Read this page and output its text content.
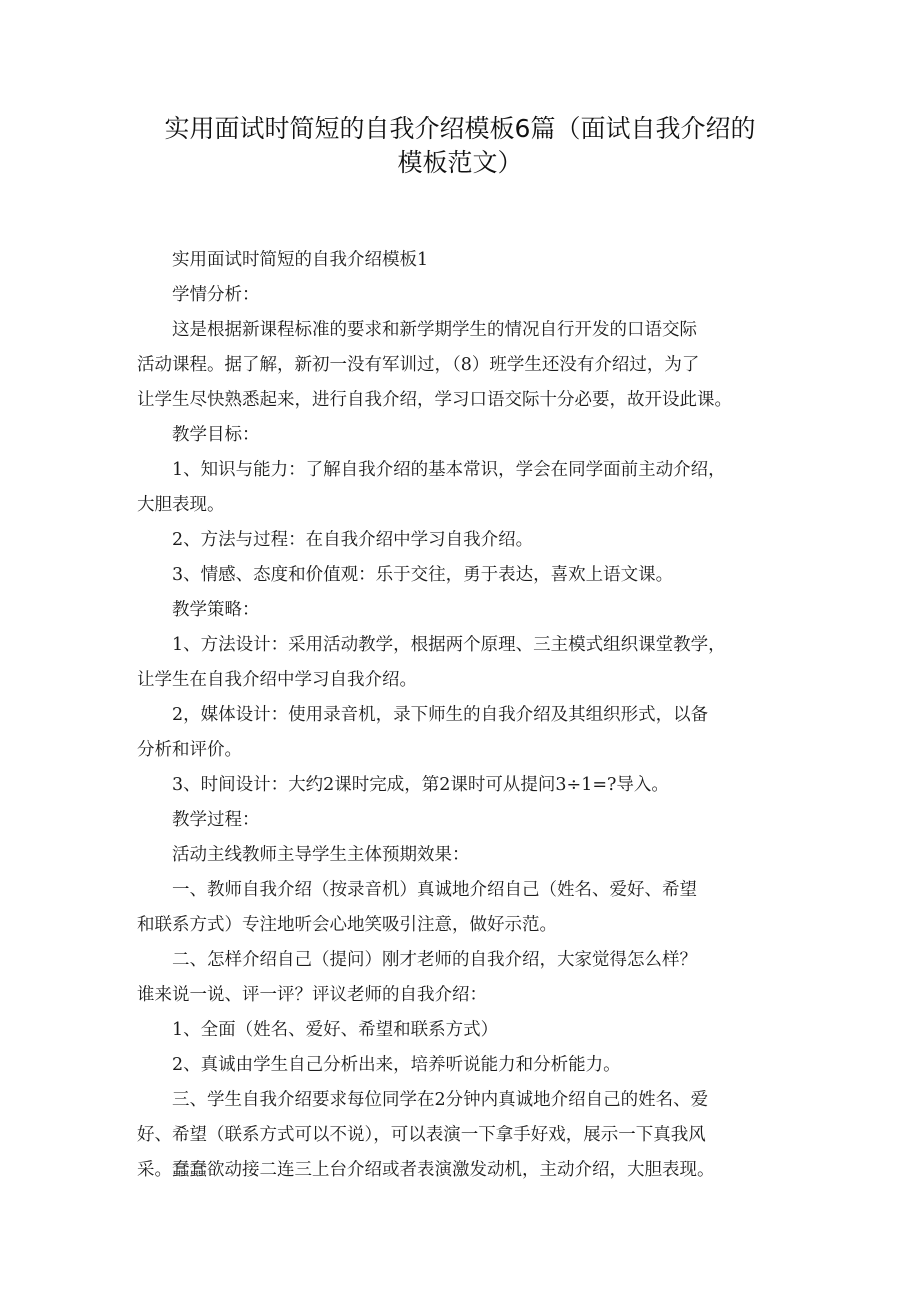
实用面试时简短的自我介绍模板6篇（面试自我介绍的
模板范文）

实用面试时简短的自我介绍模板1

学情分析：

这是根据新课程标准的要求和新学期学生的情况自行开发的口语交际
活动课程。据了解，新初一没有军训过，（8）班学生还没有介绍过，为了
让学生尽快熟悉起来，进行自我介绍，学习口语交际十分必要，故开设此课。

教学目标：

1、知识与能力：了解自我介绍的基本常识，学会在同学面前主动介绍，
大胆表现。

2、方法与过程：在自我介绍中学习自我介绍。

3、情感、态度和价值观：乐于交往，勇于表达，喜欢上语文课。

教学策略：

1、方法设计：采用活动教学，根据两个原理、三主模式组织课堂教学，
让学生在自我介绍中学习自我介绍。

2，媒体设计：使用录音机，录下师生的自我介绍及其组织形式，以备
分析和评价。

3、时间设计：大约2课时完成，第2课时可从提问3÷1=?导入。

教学过程：

活动主线教师主导学生主体预期效果：

一、教师自我介绍（按录音机）真诚地介绍自己（姓名、爱好、希望
和联系方式）专注地听会心地笑吸引注意，做好示范。

二、怎样介绍自己（提问）刚才老师的自我介绍，大家觉得怎么样？
谁来说一说、评一评？评议老师的自我介绍：

1、全面（姓名、爱好、希望和联系方式）

2、真诚由学生自己分析出来，培养听说能力和分析能力。

三、学生自我介绍要求每位同学在2分钟内真诚地介绍自己的姓名、爱
好、希望（联系方式可以不说），可以表演一下拿手好戏，展示一下真我风
采。蠢蠢欲动接二连三上台介绍或者表演激发动机，主动介绍，大胆表现。
